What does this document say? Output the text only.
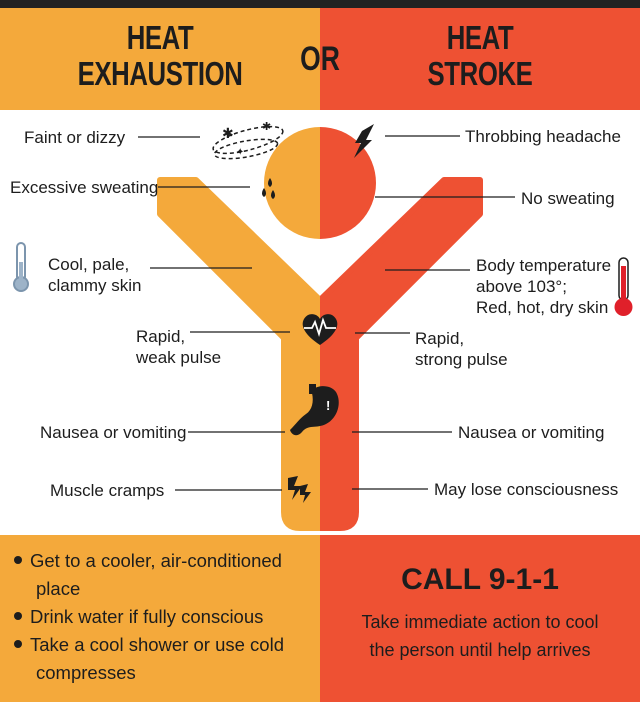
HEAT
EXHAUSTION	OR
HEAT
STROKE
✱	✱
✦
!
Faint or dizzy
Excessive sweating
Cool, pale,
clammy skin
Rapid,
weak pulse
Nausea or vomiting
Muscle cramps
Throbbing headache
No sweating
Body temperature
above 103°;
Red, hot, dry skin
Rapid,
strong pulse
Nausea or vomiting
May lose consciousness
Get to a cooler, air-conditioned
place
Drink water if fully conscious
Take a cool shower or use cold
compresses
CALL 9-1-1
Take immediate action to cool
the person until help arrives
